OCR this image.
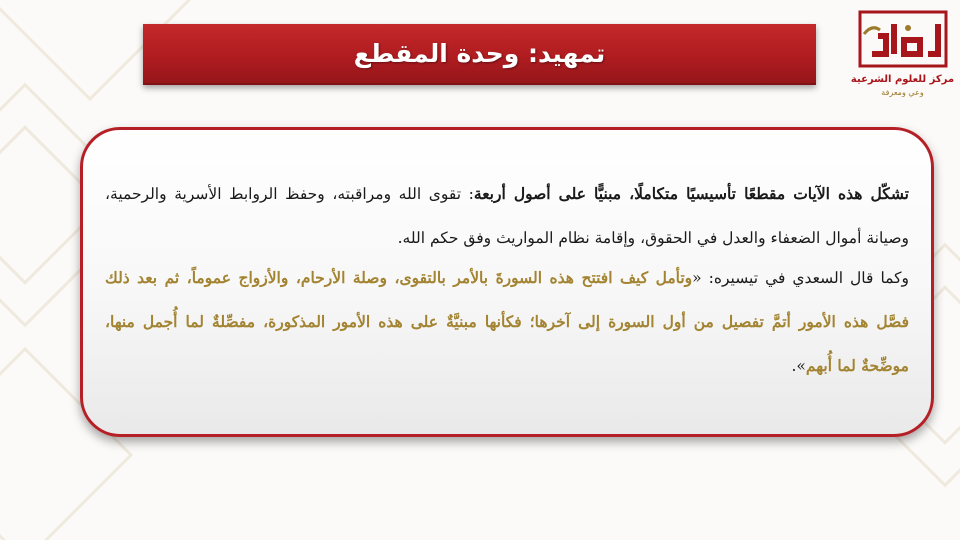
تمهيد: وحدة المقطع
مركز للعلوم الشرعية
وعي ومعرفة
تشكّل هذه الآيات مقطعًا تأسيسيًا متكاملًا، مبنيًّا على أصول أربعة: تقوى الله ومراقبته، وحفظ الروابط الأسرية والرحمية، وصيانة أموال الضعفاء والعدل في الحقوق، وإقامة نظام المواريث وفق حكم الله.
وكما قال السعدي في تيسيره: «وتأمل كيف افتتح هذه السورةَ بالأمر بالتقوى، وصلة الأرحام، والأزواج عموماً، ثم بعد ذلك فصَّل هذه الأمور أتمَّ تفصيل من أول السورة إلى آخرها؛ فكأنها مبنيَّةٌ على هذه الأمور المذكورة، مفصِّلةٌ لما أُجمل منها، موضِّحةٌ لما أُبهم».
